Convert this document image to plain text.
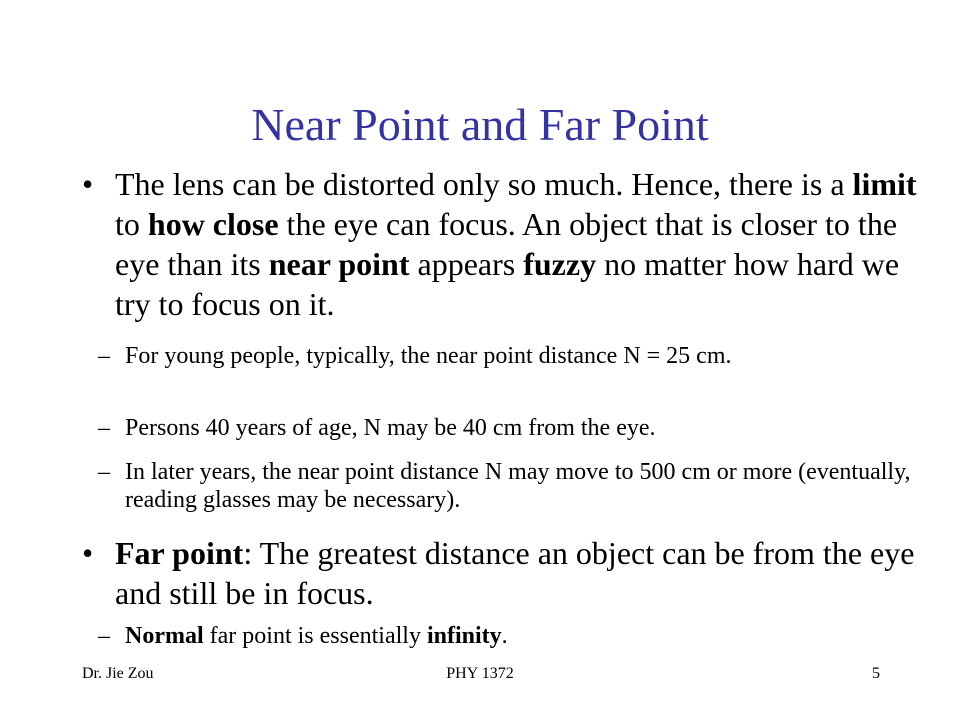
Near Point and Far Point
• The lens can be distorted only so much. Hence, there is a limit to how close the eye can focus. An object that is closer to the eye than its near point appears fuzzy no matter how hard we try to focus on it.
– For young people, typically, the near point distance N = 25 cm.
– Persons 40 years of age, N may be 40 cm from the eye.
– In later years, the near point distance N may move to 500 cm or more (eventually, reading glasses may be necessary).
• Far point: The greatest distance an object can be from the eye and still be in focus.
– Normal far point is essentially infinity.
Dr. Jie Zou	PHY 1372	5
